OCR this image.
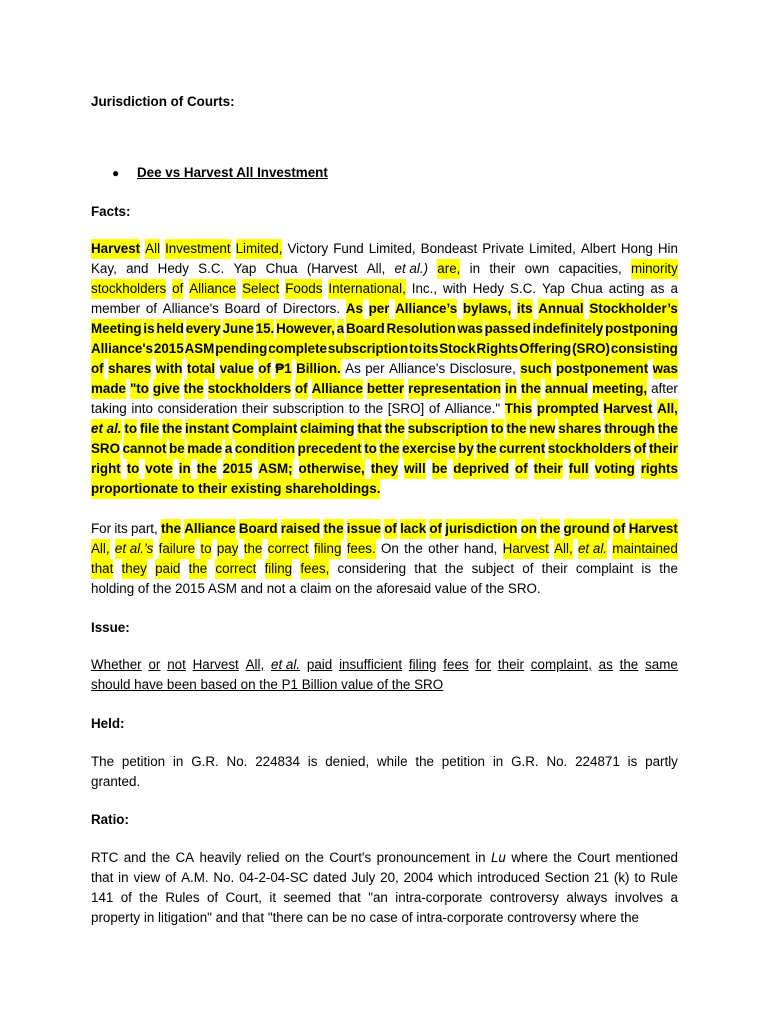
Jurisdiction of Courts:

● Dee vs Harvest All Investment

Facts:

Harvest All Investment Limited, Victory Fund Limited, Bondeast Private Limited, Albert Hong Hin
Kay, and Hedy S.C. Yap Chua (Harvest All, et al.) are, in their own capacities, minority
stockholders of Alliance Select Foods International, Inc., with Hedy S.C. Yap Chua acting as a
member of Alliance's Board of Directors. As per Alliance’s bylaws, its Annual Stockholder’s
Meeting is held every June 15. However, a Board Resolution was passed indefinitely postponing
Alliance's 2015 ASM pending complete subscription to its Stock Rights Offering (SRO) consisting
of shares with total value of ₱1 Billion. As per Alliance's Disclosure, such postponement was
made "to give the stockholders of Alliance better representation in the annual meeting, after
taking into consideration their subscription to the [SRO] of Alliance." This prompted Harvest All,
et al. to file the instant Complaint claiming that the subscription to the new shares through the
SRO cannot be made a condition precedent to the exercise by the current stockholders of their
right to vote in the 2015 ASM; otherwise, they will be deprived of their full voting rights
proportionate to their existing shareholdings.
For its part, the Alliance Board raised the issue of lack of jurisdiction on the ground of Harvest
All, et al.’s failure to pay the correct filing fees. On the other hand, Harvest All, et al. maintained
that they paid the correct filing fees, considering that the subject of their complaint is the
holding of the 2015 ASM and not a claim on the aforesaid value of the SRO.

Issue:

Whether or not Harvest All, et al. paid insufficient filing fees for their complaint, as the same
should have been based on the P1 Billion value of the SRO

Held:

The petition in G.R. No. 224834 is denied, while the petition in G.R. No. 224871 is partly
granted.

Ratio:

RTC and the CA heavily relied on the Court's pronouncement in Lu where the Court mentioned
that in view of A.M. No. 04-2-04-SC dated July 20, 2004 which introduced Section 21 (k) to Rule
141 of the Rules of Court, it seemed that "an intra-corporate controversy always involves a
property
in
litigation"
and
that
"there
can
be
no
case
of
intra-corporate
controversy
where
the
